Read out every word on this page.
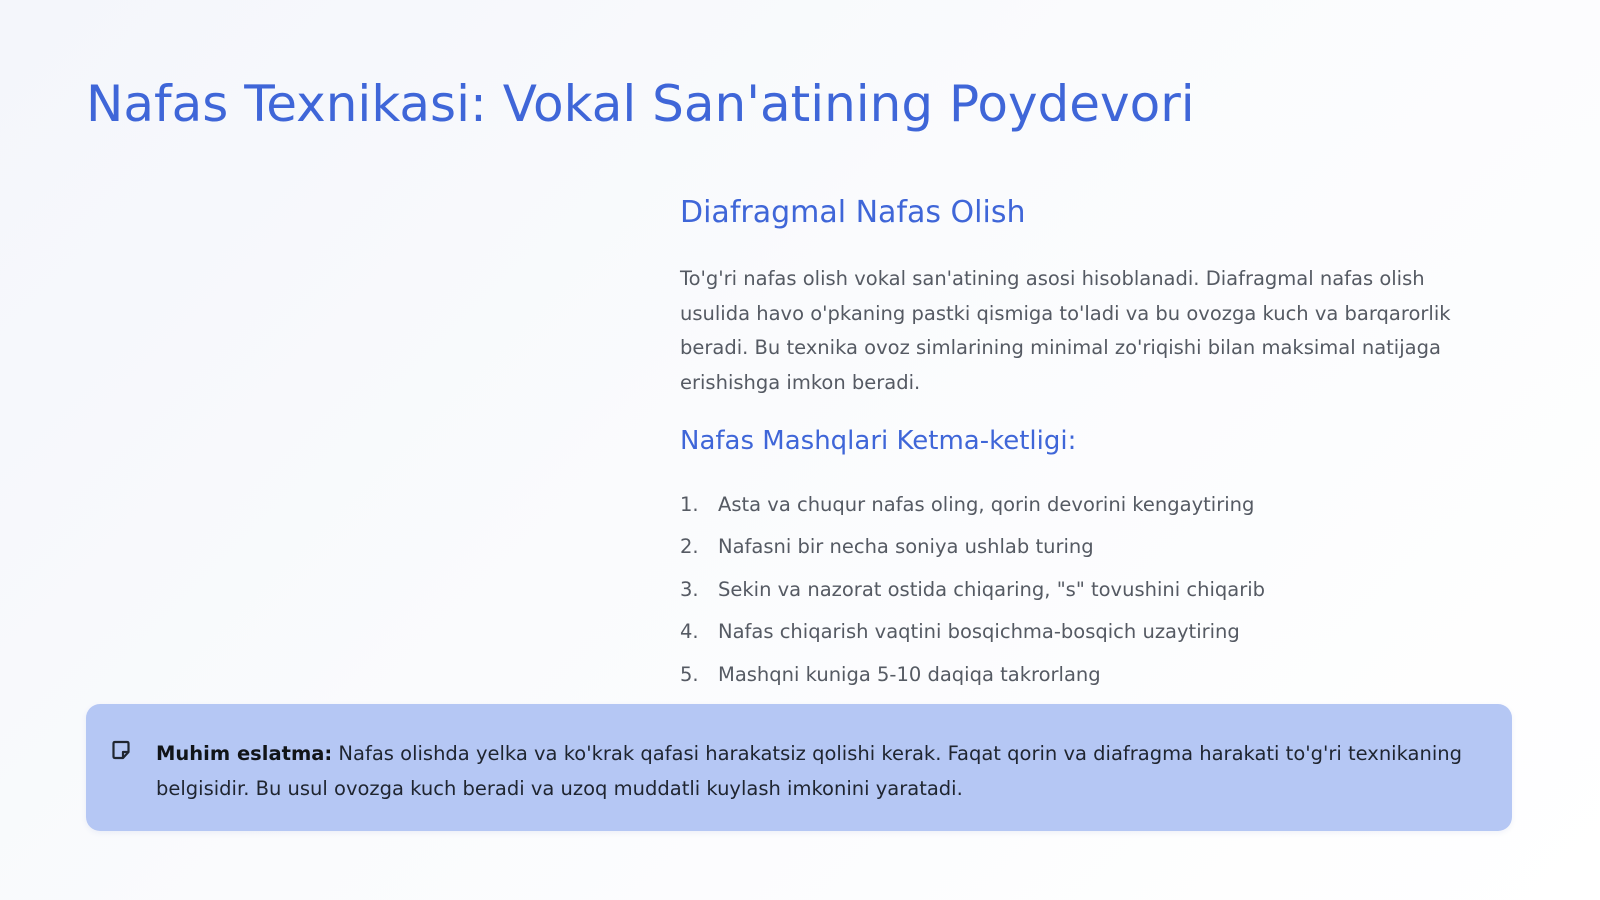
Nafas Texnikasi: Vokal San'atining Poydevori
Diafragmal Nafas Olish

To'g'ri nafas olish vokal san'atining asosi hisoblanadi. Diafragmal nafas olish usulida havo o'pkaning pastki qismiga to'ladi va bu ovozga kuch va barqarorlik beradi. Bu texnika ovoz simlarining minimal zo'riqishi bilan maksimal natijaga erishishga imkon beradi.

Nafas Mashqlari Ketma-ketligi:
1. Asta va chuqur nafas oling, qorin devorini kengaytiring
2. Nafasni bir necha soniya ushlab turing
3. Sekin va nazorat ostida chiqaring, "s" tovushini chiqarib
4. Nafas chiqarish vaqtini bosqichma-bosqich uzaytiring
5. Mashqni kuniga 5-10 daqiqa takrorlang

Muhim eslatma: Nafas olishda yelka va ko'krak qafasi harakatsiz qolishi kerak. Faqat qorin va diafragma harakati to'g'ri texnikaning belgisidir. Bu usul ovozga kuch beradi va uzoq muddatli kuylash imkonini yaratadi.
